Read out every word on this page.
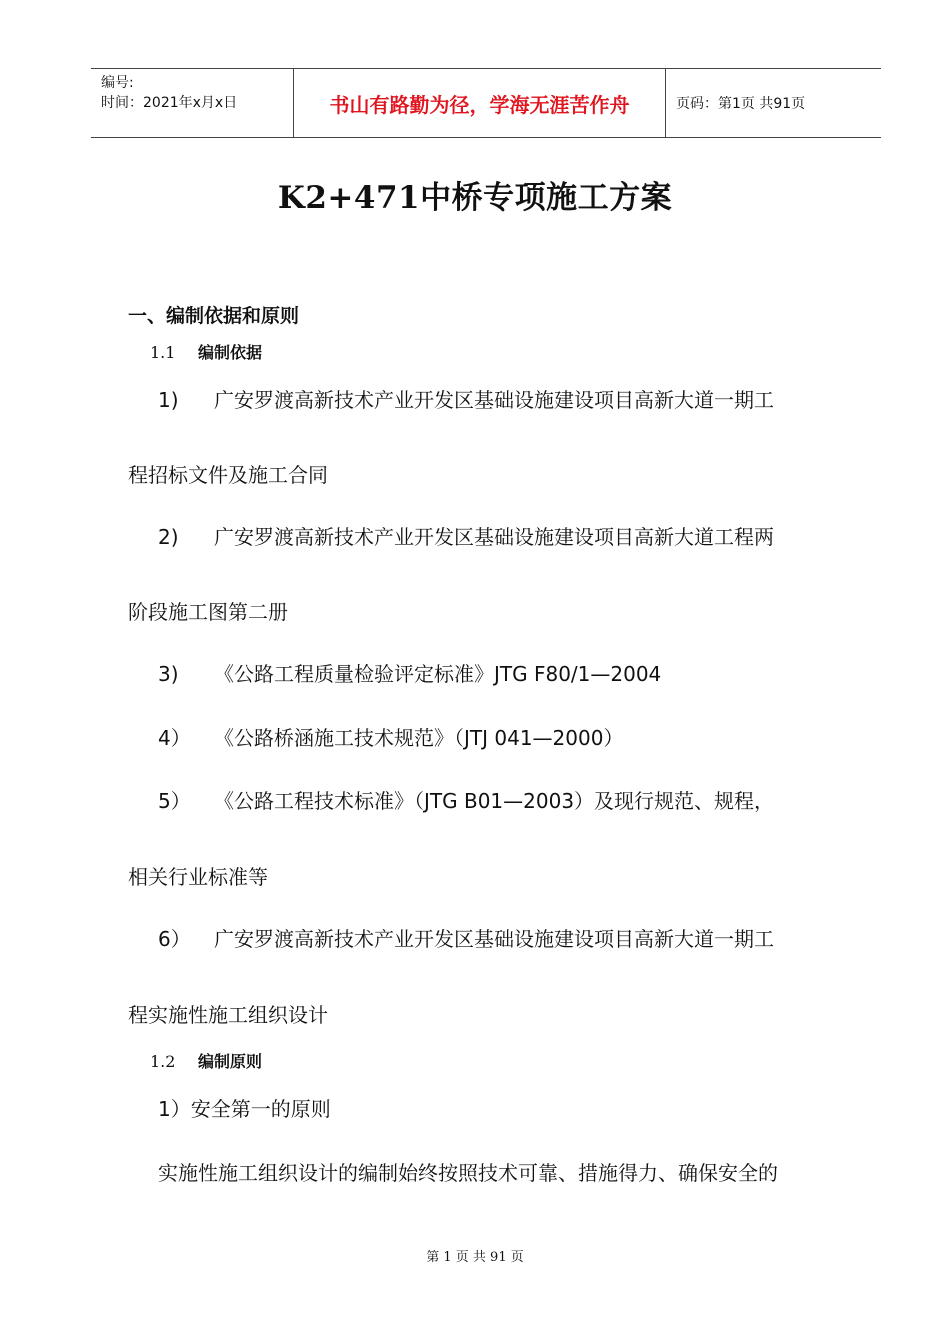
编号:
时间：2021年x月x日	书山有路勤为径，学海无涯苦作舟	页码：第1页 共91页
K2+471中桥专项施工方案
一、编制依据和原则
1.1 编制依据
1) 广安罗渡高新技术产业开发区基础设施建设项目高新大道一期工
程招标文件及施工合同
2) 广安罗渡高新技术产业开发区基础设施建设项目高新大道工程两
阶段施工图第二册
3) 《公路工程质量检验评定标准》JTG F80/1—2004
4） 《公路桥涵施工技术规范》（JTJ 041—2000）
5） 《公路工程技术标准》（JTG B01—2003）及现行规范、规程，
相关行业标准等
6） 广安罗渡高新技术产业开发区基础设施建设项目高新大道一期工
程实施性施工组织设计
1.2 编制原则
1）安全第一的原则
实施性施工组织设计的编制始终按照技术可靠、措施得力、确保安全的
第 1 页 共 91 页
